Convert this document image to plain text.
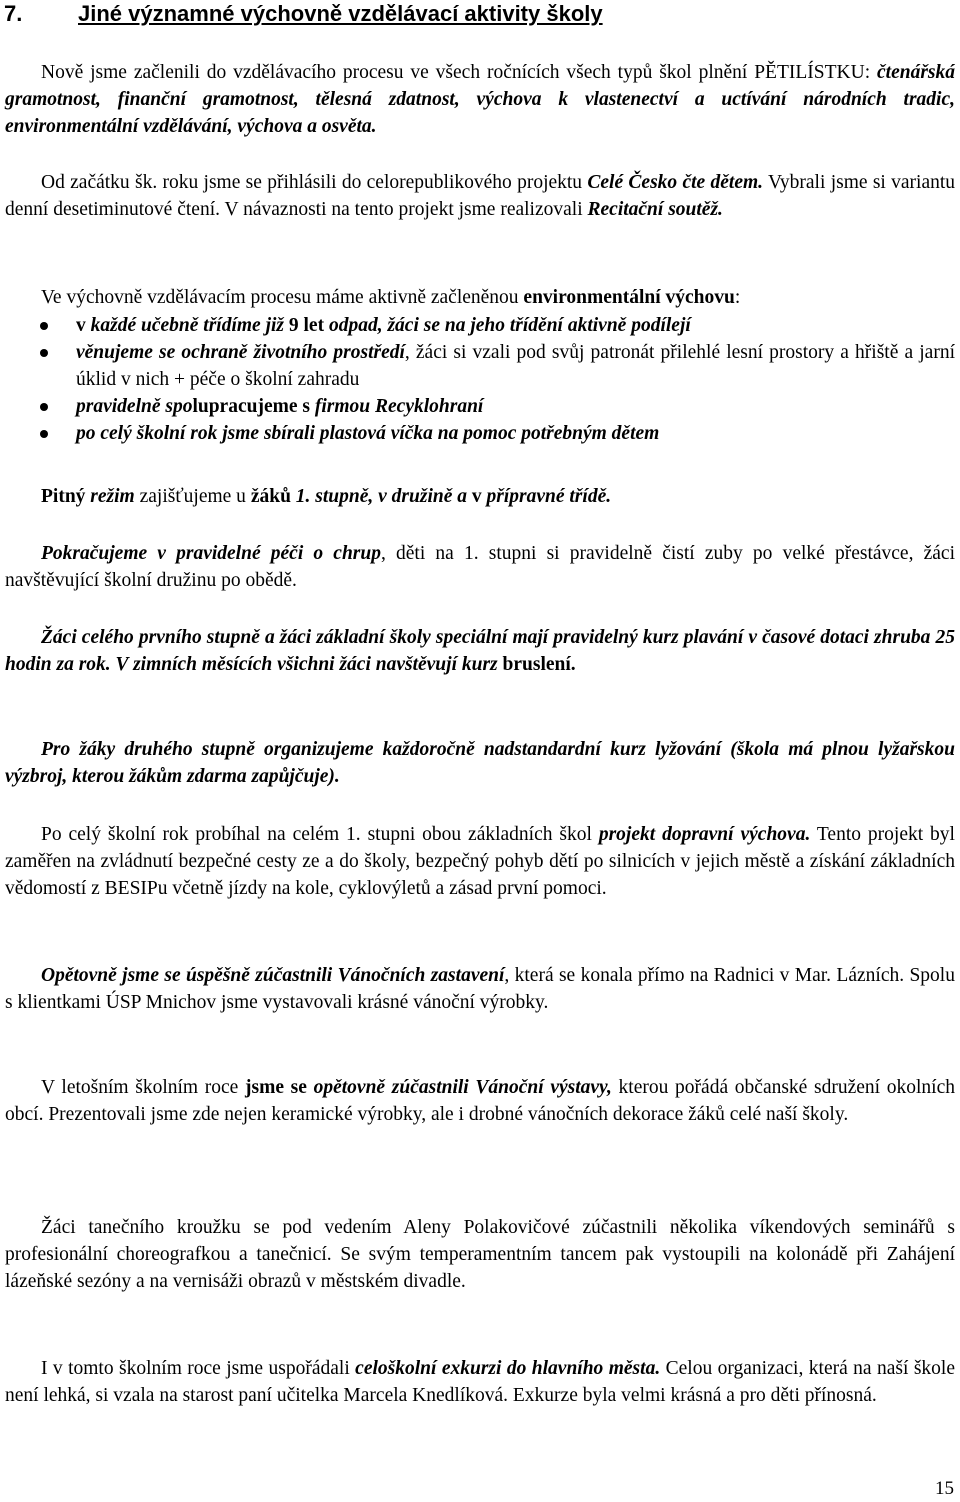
7.	Jiné významné výchovně vzdělávací aktivity školy

Nově jsme začlenili do vzdělávacího procesu ve všech ročnících všech typů škol plnění PĚTILÍSTKU: čtenářská gramotnost, finanční gramotnost, tělesná zdatnost, výchova k vlastenectví a uctívání národních tradic, environmentální vzdělávání, výchova a osvěta.

Od začátku šk. roku jsme se přihlásili do celorepublikového projektu Celé Česko čte dětem. Vybrali jsme si variantu denní desetiminutové čtení. V návaznosti na tento projekt jsme realizovali Recitační soutěž.

Ve výchovně vzdělávacím procesu máme aktivně začleněnou environmentální výchovu:

v každé učebně třídíme již 9 let odpad, žáci se na jeho třídění aktivně podílejí
věnujeme se ochraně životního prostředí, žáci si vzali pod svůj patronát přilehlé lesní prostory a hřiště a jarní úklid v nich + péče o školní zahradu
pravidelně spolupracujeme s firmou Recyklohraní
po celý školní rok jsme sbírali plastová víčka na pomoc potřebným dětem

Pitný režim zajišťujeme u žáků 1. stupně, v družině a v přípravné třídě.

Pokračujeme v pravidelné péči o chrup, děti na 1. stupni si pravidelně čistí zuby po velké přestávce, žáci navštěvující školní družinu po obědě.

Žáci celého prvního stupně a žáci základní školy speciální mají pravidelný kurz plavání v časové dotaci zhruba 25 hodin za rok. V zimních měsících všichni žáci navštěvují kurz bruslení.

Pro žáky druhého stupně organizujeme každoročně nadstandardní kurz lyžování (škola má plnou lyžařskou výzbroj, kterou žákům zdarma zapůjčuje).

Po celý školní rok probíhal na celém 1. stupni obou základních škol projekt dopravní výchova. Tento projekt byl zaměřen na zvládnutí bezpečné cesty ze a do školy, bezpečný pohyb dětí po silnicích v jejich městě a získání základních vědomostí z BESIPu včetně jízdy na kole, cyklovýletů a zásad první pomoci.

Opětovně jsme se úspěšně zúčastnili Vánočních zastavení, která se konala přímo na Radnici v Mar. Lázních. Spolu s klientkami ÚSP Mnichov jsme vystavovali krásné vánoční výrobky.

V letošním školním roce jsme se opětovně zúčastnili Vánoční výstavy, kterou pořádá občanské sdružení okolních obcí. Prezentovali jsme zde nejen keramické výrobky, ale i drobné vánočních dekorace žáků celé naší školy.

Žáci tanečního kroužku se pod vedením Aleny Polakovičové zúčastnili několika víkendových seminářů s profesionální choreografkou a tanečnicí. Se svým temperamentním tancem pak vystoupili na kolonádě při Zahájení lázeňské sezóny a na vernisáži obrazů v městském divadle.

I v tomto školním roce jsme uspořádali celoškolní exkurzi do hlavního města. Celou organizaci, která na naší škole není lehká, si vzala na starost paní učitelka Marcela Knedlíková. Exkurze byla velmi krásná a pro děti přínosná.

15
